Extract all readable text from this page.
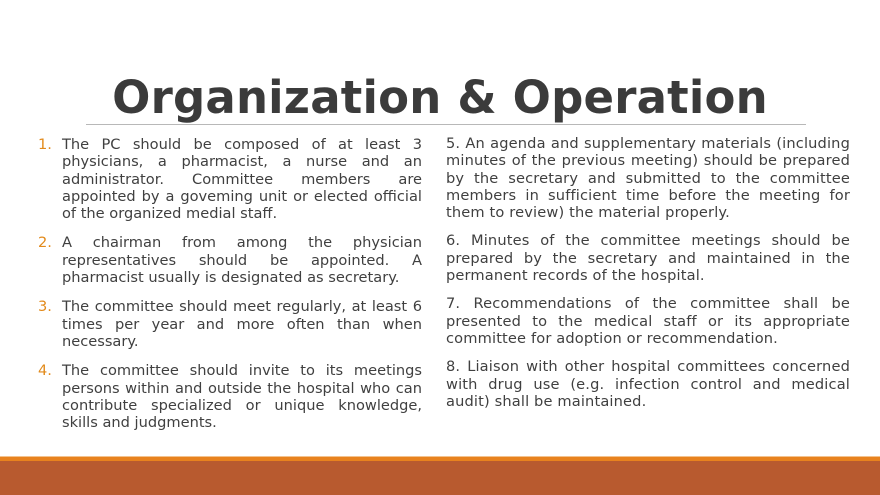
Organization & Operation
1. The PC should be composed of at least 3 physicians, a pharmacist, a nurse and an administrator. Committee members are appointed by a goveming unit or elected official of the organized medial staff.
2. A chairman from among the physician representatives should be appointed. A pharmacist usually is designated as secretary.
3. The committee should meet regularly, at least 6 times per year and more often than when necessary.
4. The committee should invite to its meetings persons within and outside the hospital who can contribute specialized or unique knowledge, skills and judgments.
5. An agenda and supplementary materials (including minutes of the previous meeting) should be prepared by the secretary and submitted to the committee members in sufficient time before the meeting for them to review) the material properly.
6. Minutes of the committee meetings should be prepared by the secretary and maintained in the permanent records of the hospital.
7. Recommendations of the committee shall be presented to the medical staff or its appropriate committee for adoption or recommendation.
8. Liaison with other hospital committees concerned with drug use (e.g. infection control and medical audit) shall be maintained.
